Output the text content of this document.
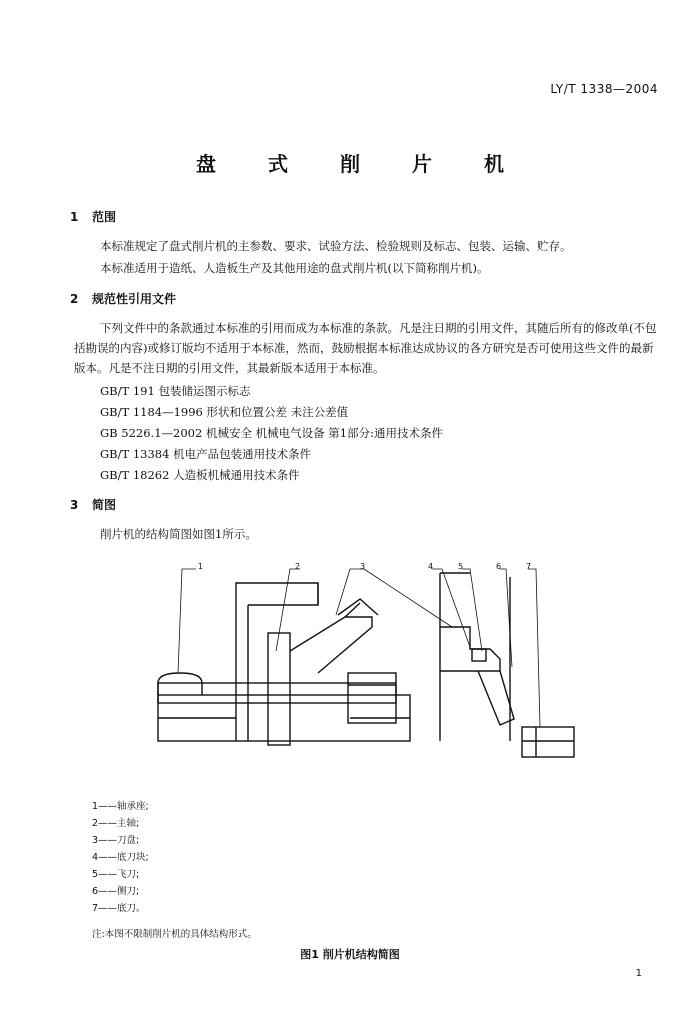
LY/T 1338—2004
盘式削片机
1 范围
本标准规定了盘式削片机的主参数、要求、试验方法、检验规则及标志、包装、运输、贮存。
本标准适用于造纸、人造板生产及其他用途的盘式削片机(以下简称削片机)。
2 规范性引用文件
下列文件中的条款通过本标准的引用而成为本标准的条款。凡是注日期的引用文件，其随后所有的修改单(不包括勘误的内容)或修订版均不适用于本标准，然而，鼓励根据本标准达成协议的各方研究是否可使用这些文件的最新版本。凡是不注日期的引用文件，其最新版本适用于本标准。
GB/T 191 包装储运图示标志
GB/T 1184—1996 形状和位置公差 未注公差值
GB 5226.1—2002 机械安全 机械电气设备 第1部分:通用技术条件
GB/T 13384 机电产品包装通用技术条件
GB/T 18262 人造板机械通用技术条件
3 简图
削片机的结构简图如图1所示。
1	2	3	4	5	6	7
1——轴承座;
2——主轴;
3——刀盘;
4——底刀块;
5——飞刀;
6——侧刀;
7——底刀。
注:本图不限制削片机的具体结构形式。
图1 削片机结构简图
1
